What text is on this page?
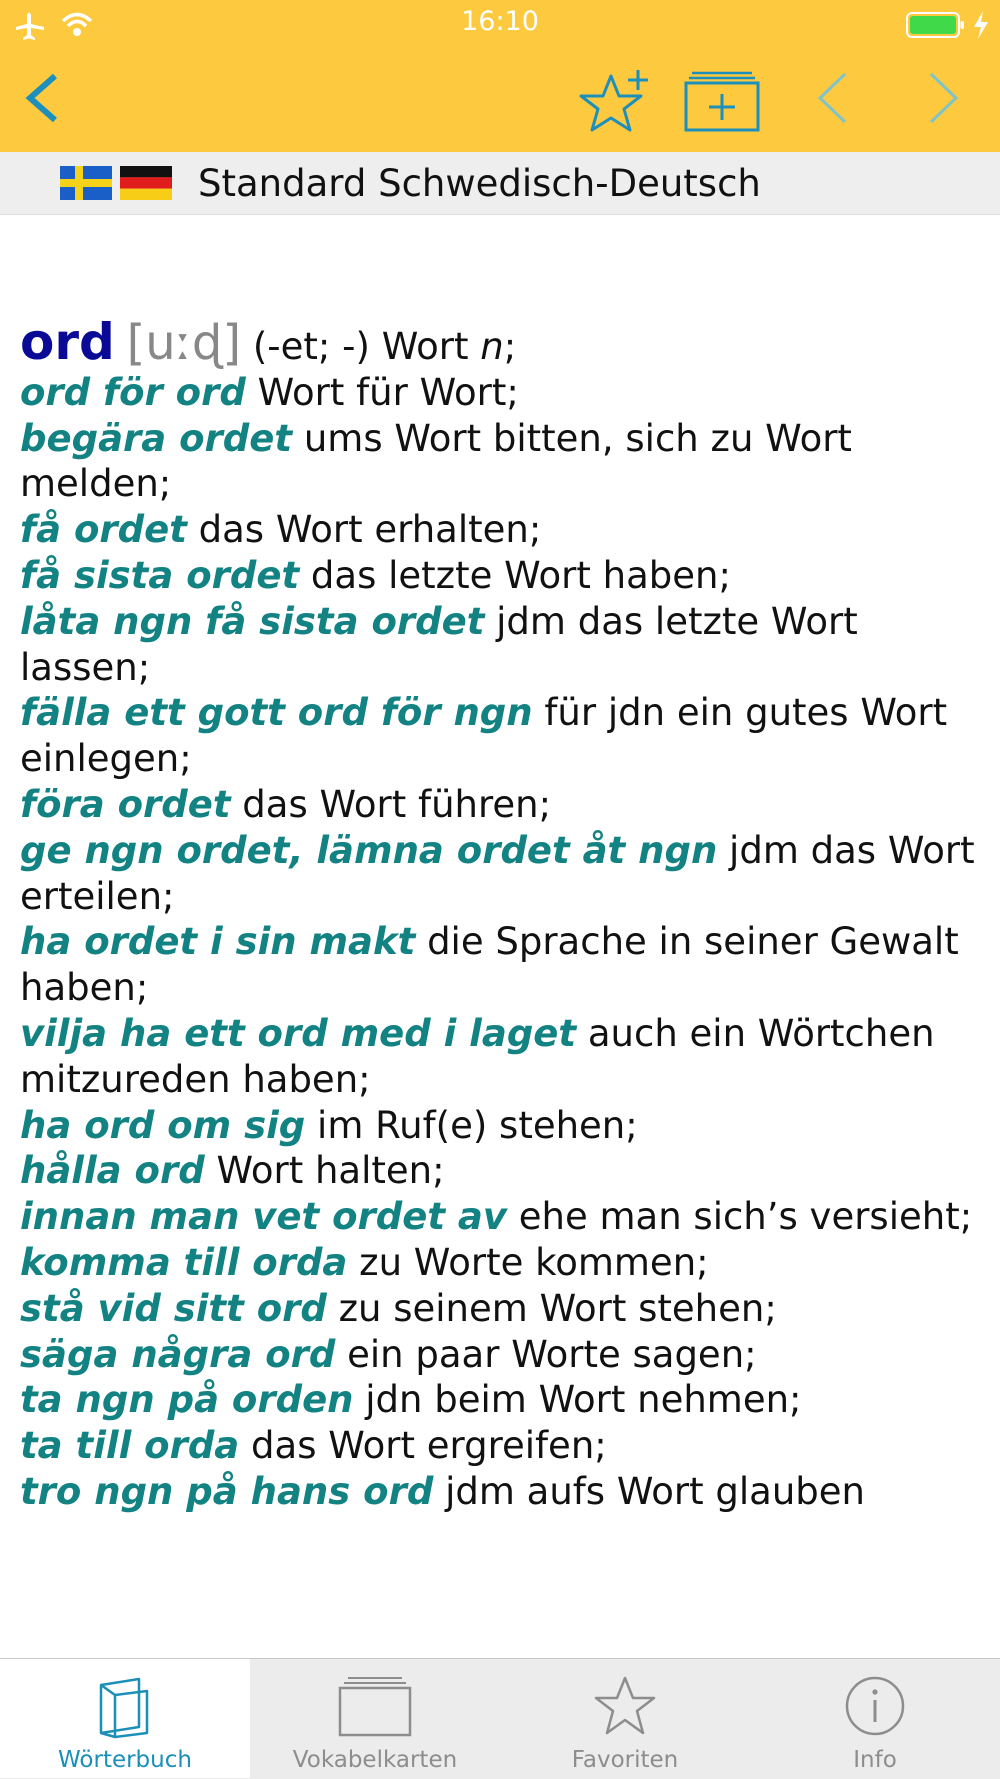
16:10
Standard Schwedisch-Deutsch
ord [uːɖ] (-et; -) Wort n;
ord för ord Wort für Wort;
begära ordet ums Wort bitten, sich zu Wort melden;
få ordet das Wort erhalten;
få sista ordet das letzte Wort haben;
låta ngn få sista ordet jdm das letzte Wort lassen;
fälla ett gott ord för ngn für jdn ein gutes Wort einlegen;
föra ordet das Wort führen;
ge ngn ordet, lämna ordet åt ngn jdm das Wort erteilen;
ha ordet i sin makt die Sprache in seiner Gewalt haben;
vilja ha ett ord med i laget auch ein Wörtchen mitzureden haben;
ha ord om sig im Ruf(e) stehen;
hålla ord Wort halten;
innan man vet ordet av ehe man sich’s versieht;
komma till orda zu Worte kommen;
stå vid sitt ord zu seinem Wort stehen;
säga några ord ein paar Worte sagen;
ta ngn på orden jdn beim Wort nehmen;
ta till orda das Wort ergreifen;
tro ngn på hans ord jdm aufs Wort glauben
Wörterbuch	Vokabelkarten	Favoriten	Info
